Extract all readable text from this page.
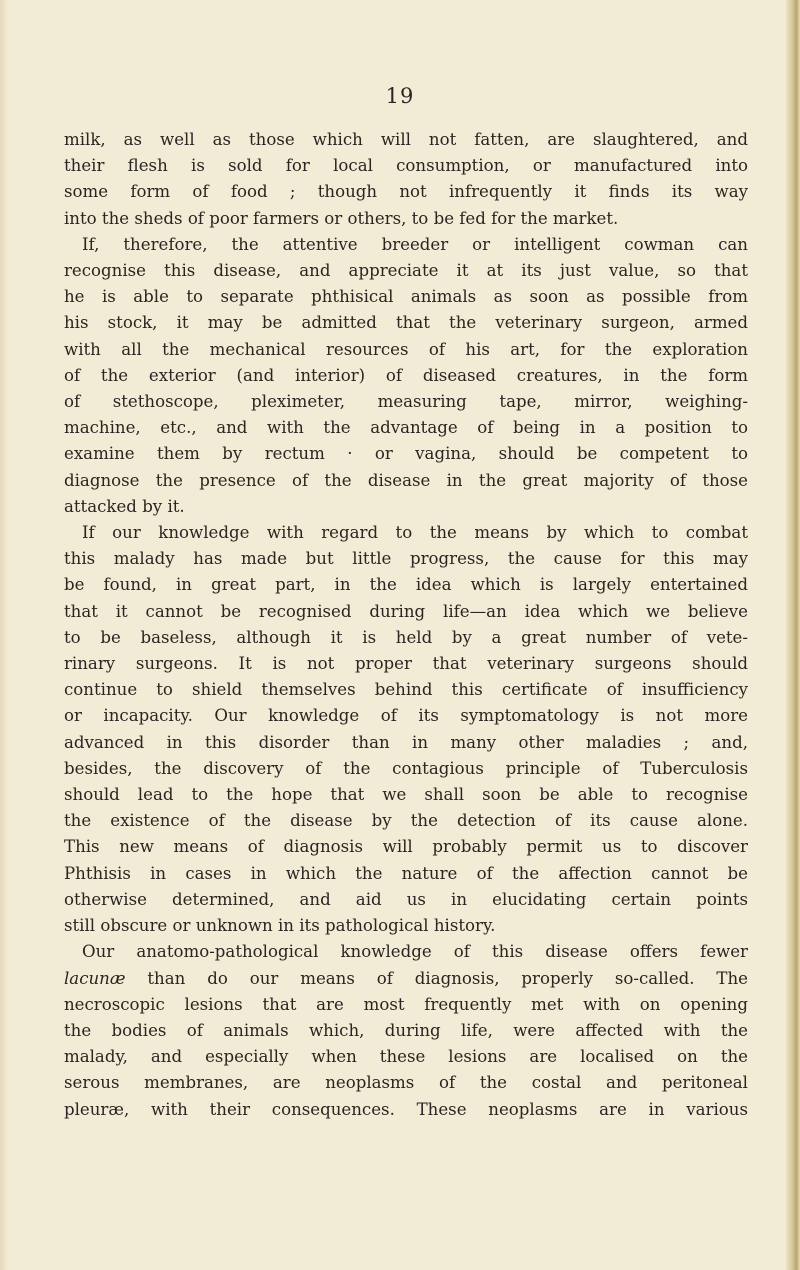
19
milk, as well as those which will not fatten, are slaughtered, and
their flesh is sold for local consumption, or manufactured into
some form of food ; though not infrequently it finds its way
into the sheds of poor farmers or others, to be fed for the market.
If, therefore, the attentive breeder or intelligent cowman can
recognise this disease, and appreciate it at its just value, so that
he is able to separate phthisical animals as soon as possible from
his stock, it may be admitted that the veterinary surgeon, armed
with all the mechanical resources of his art, for the exploration
of the exterior (and interior) of diseased creatures, in the form
of stethoscope, pleximeter, measuring tape, mirror, weighing-
machine, etc., and with the advantage of being in a position to
examine them by rectum · or vagina, should be competent to
diagnose the presence of the disease in the great majority of those
attacked by it.
If our knowledge with regard to the means by which to combat
this malady has made but little progress, the cause for this may
be found, in great part, in the idea which is largely entertained
that it cannot be recognised during life—an idea which we believe
to be baseless, although it is held by a great number of vete-
rinary surgeons. It is not proper that veterinary surgeons should
continue to shield themselves behind this certificate of insufficiency
or incapacity. Our knowledge of its symptomatology is not more
advanced in this disorder than in many other maladies ; and,
besides, the discovery of the contagious principle of Tuberculosis
should lead to the hope that we shall soon be able to recognise
the existence of the disease by the detection of its cause alone.
This new means of diagnosis will probably permit us to discover
Phthisis in cases in which the nature of the affection cannot be
otherwise determined, and aid us in elucidating certain points
still obscure or unknown in its pathological history.
Our anatomo-pathological knowledge of this disease offers fewer
lacunæ than do our means of diagnosis, properly so-called. The
necroscopic lesions that are most frequently met with on opening
the bodies of animals which, during life, were affected with the
malady, and especially when these lesions are localised on the
serous membranes, are neoplasms of the costal and peritoneal
pleuræ, with their consequences. These neoplasms are in various
